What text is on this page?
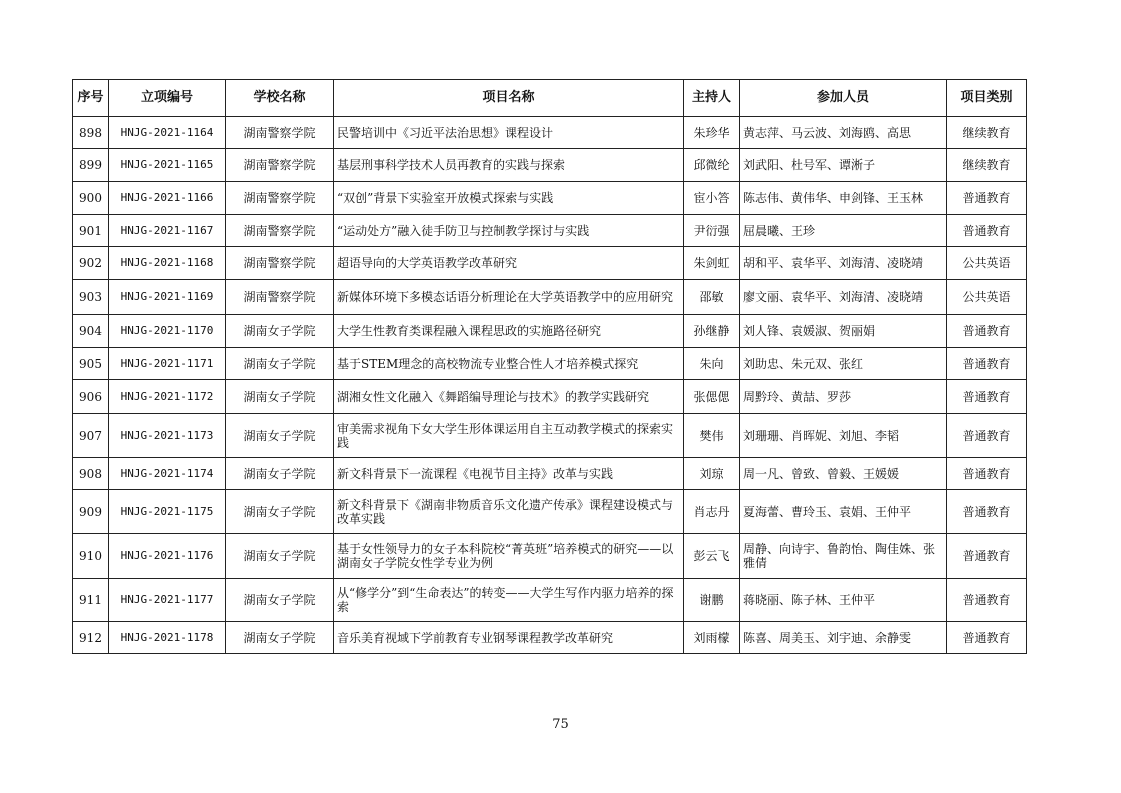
序号	立项编号	学校名称	项目名称	主持人	参加人员	项目类别
898	HNJG-2021-1164	湖南警察学院	民警培训中《习近平法治思想》课程设计	朱珍华	黄志萍、马云波、刘海鸥、高思	继续教育
899	HNJG-2021-1165	湖南警察学院	基层刑事科学技术人员再教育的实践与探索	邱微纶	刘武阳、杜号军、谭淅子	继续教育
900	HNJG-2021-1166	湖南警察学院	“双创”背景下实验室开放模式探索与实践	宦小答	陈志伟、黄伟华、申剑锋、王玉林	普通教育
901	HNJG-2021-1167	湖南警察学院	“运动处方”融入徒手防卫与控制教学探讨与实践	尹衍强	屈晨曦、王珍	普通教育
902	HNJG-2021-1168	湖南警察学院	超语导向的大学英语教学改革研究	朱剑虹	胡和平、袁华平、刘海清、凌晓靖	公共英语
903	HNJG-2021-1169	湖南警察学院	新媒体环境下多模态话语分析理论在大学英语教学中的应用研究	邵敏	廖文丽、袁华平、刘海清、凌晓靖	公共英语
904	HNJG-2021-1170	湖南女子学院	大学生性教育类课程融入课程思政的实施路径研究	孙继静	刘人锋、袁媛淑、贺丽娟	普通教育
905	HNJG-2021-1171	湖南女子学院	基于STEM理念的高校物流专业整合性人才培养模式探究	朱向	刘助忠、朱元双、张红	普通教育
906	HNJG-2021-1172	湖南女子学院	湖湘女性文化融入《舞蹈编导理论与技术》的教学实践研究	张偲偲	周黔玲、黄喆、罗莎	普通教育
907	HNJG-2021-1173	湖南女子学院	审美需求视角下女大学生形体课运用自主互动教学模式的探索实践	樊伟	刘珊珊、肖晖妮、刘旭、李韬	普通教育
908	HNJG-2021-1174	湖南女子学院	新文科背景下一流课程《电视节目主持》改革与实践	刘琼	周一凡、曾致、曾毅、王媛媛	普通教育
909	HNJG-2021-1175	湖南女子学院	新文科背景下《湖南非物质音乐文化遗产传承》课程建设模式与改革实践	肖志丹	夏海蕾、曹玲玉、袁娟、王仲平	普通教育
910	HNJG-2021-1176	湖南女子学院	基于女性领导力的女子本科院校“菁英班”培养模式的研究——以湖南女子学院女性学专业为例	彭云飞	周静、向诗宇、鲁韵怡、陶佳姝、张雅倩	普通教育
911	HNJG-2021-1177	湖南女子学院	从“修学分”到“生命表达”的转变——大学生写作内驱力培养的探索	谢鹏	蒋晓丽、陈子林、王仲平	普通教育
912	HNJG-2021-1178	湖南女子学院	音乐美育视域下学前教育专业钢琴课程教学改革研究	刘雨檬	陈喜、周美玉、刘宇迪、余静雯	普通教育
75
